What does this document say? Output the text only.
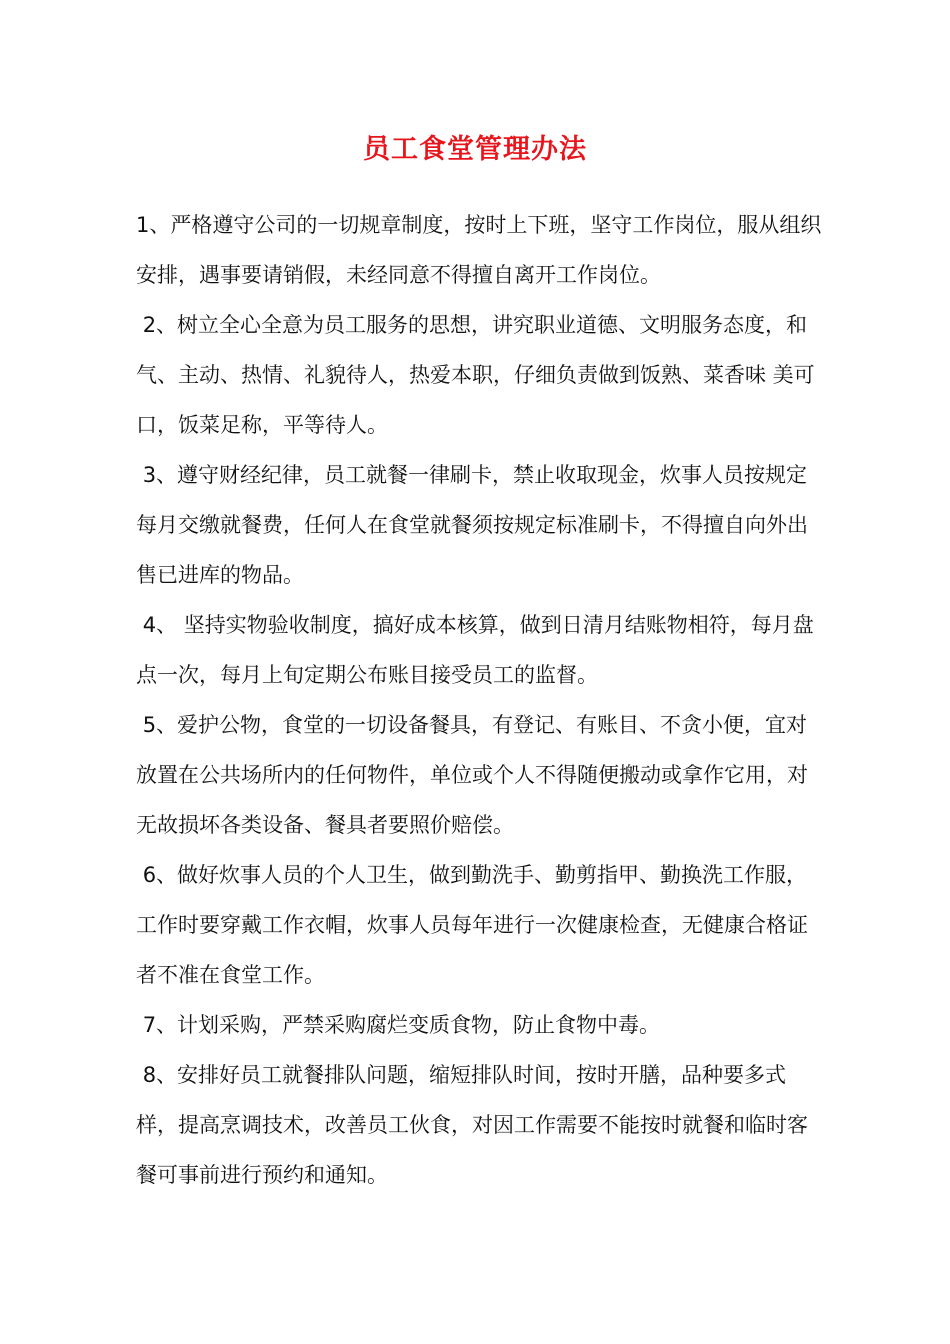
员工食堂管理办法

1、严格遵守公司的一切规章制度，按时上下班，坚守工作岗位，服从组织安排，遇事要请销假，未经同意不得擅自离开工作岗位。

2、树立全心全意为员工服务的思想，讲究职业道德、文明服务态度，和气、主动、热情、礼貌待人，热爱本职，仔细负责做到饭熟、菜香味 美可口，饭菜足称，平等待人。

3、遵守财经纪律，员工就餐一律刷卡，禁止收取现金，炊事人员按规定每月交缴就餐费，任何人在食堂就餐须按规定标准刷卡，不得擅自向外出售已进库的物品。

4、 坚持实物验收制度，搞好成本核算，做到日清月结账物相符，每月盘点一次，每月上旬定期公布账目接受员工的监督。

5、爱护公物，食堂的一切设备餐具，有登记、有账目、不贪小便，宜对放置在公共场所内的任何物件，单位或个人不得随便搬动或拿作它用，对无故损坏各类设备、餐具者要照价赔偿。

6、做好炊事人员的个人卫生，做到勤洗手、勤剪指甲、勤换洗工作服，工作时要穿戴工作衣帽，炊事人员每年进行一次健康检查，无健康合格证者不准在食堂工作。

7、计划采购，严禁采购腐烂变质食物，防止食物中毒。

8、安排好员工就餐排队问题，缩短排队时间，按时开膳，品种要多式样，提高烹调技术，改善员工伙食，对因工作需要不能按时就餐和临时客餐可事前进行预约和通知。
